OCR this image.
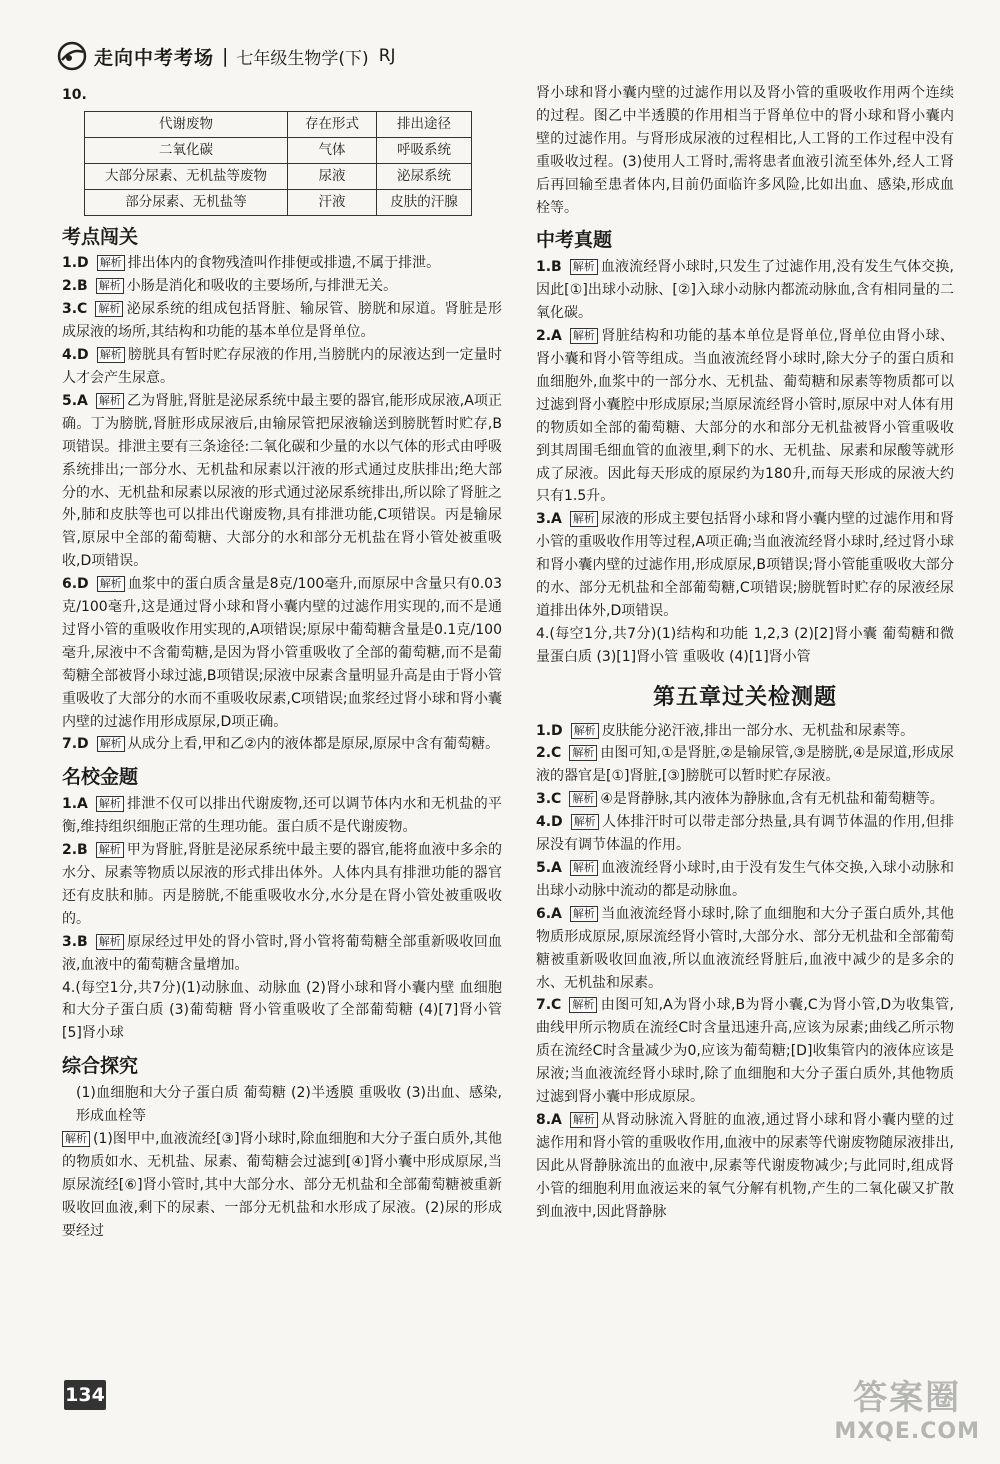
走向中考考场 | 七年级生物学(下) RJ
10.
代谢废物	存在形式	排出途径
二氧化碳	气体	呼吸系统
大部分尿素、无机盐等废物	尿液	泌尿系统
部分尿素、无机盐等	汗液	皮肤的汗腺
考点闯关

1.D 解析 排出体内的食物残渣叫作排便或排遗,不属于排泄。

2.B 解析 小肠是消化和吸收的主要场所,与排泄无关。

3.C 解析 泌尿系统的组成包括肾脏、输尿管、膀胱和尿道。肾脏是形成尿液的场所,其结构和功能的基本单位是肾单位。

4.D 解析 膀胱具有暂时贮存尿液的作用,当膀胱内的尿液达到一定量时人才会产生尿意。

5.A 解析 乙为肾脏,肾脏是泌尿系统中最主要的器官,能形成尿液,A项正确。丁为膀胱,肾脏形成尿液后,由输尿管把尿液输送到膀胱暂时贮存,B项错误。排泄主要有三条途径:二氧化碳和少量的水以气体的形式由呼吸系统排出;一部分水、无机盐和尿素以汗液的形式通过皮肤排出;绝大部分的水、无机盐和尿素以尿液的形式通过泌尿系统排出,所以除了肾脏之外,肺和皮肤等也可以排出代谢废物,具有排泄功能,C项错误。丙是输尿管,原尿中全部的葡萄糖、大部分的水和部分无机盐在肾小管处被重吸收,D项错误。

6.D 解析 血浆中的蛋白质含量是8克/100毫升,而原尿中含量只有0.03克/100毫升,这是通过肾小球和肾小囊内壁的过滤作用实现的,而不是通过肾小管的重吸收作用实现的,A项错误;原尿中葡萄糖含量是0.1克/100毫升,尿液中不含葡萄糖,是因为肾小管重吸收了全部的葡萄糖,而不是葡萄糖全部被肾小球过滤,B项错误;尿液中尿素含量明显升高是由于肾小管重吸收了大部分的水而不重吸收尿素,C项错误;血浆经过肾小球和肾小囊内壁的过滤作用形成原尿,D项正确。

7.D 解析 从成分上看,甲和乙②内的液体都是原尿,原尿中含有葡萄糖。

名校金题

1.A 解析 排泄不仅可以排出代谢废物,还可以调节体内水和无机盐的平衡,维持组织细胞正常的生理功能。蛋白质不是代谢废物。

2.B 解析 甲为肾脏,肾脏是泌尿系统中最主要的器官,能将血液中多余的水分、尿素等物质以尿液的形式排出体外。人体内具有排泄功能的器官还有皮肤和肺。丙是膀胱,不能重吸收水分,水分是在肾小管处被重吸收的。

3.B 解析 原尿经过甲处的肾小管时,肾小管将葡萄糖全部重新吸收回血液,血液中的葡萄糖含量增加。

4.(每空1分,共7分)(1)动脉血、动脉血 (2)肾小球和肾小囊内壁 血细胞和大分子蛋白质 (3)葡萄糖 肾小管重吸收了全部葡萄糖 (4)[7]肾小管 [5]肾小球

综合探究

(1)血细胞和大分子蛋白质 葡萄糖 (2)半透膜 重吸收 (3)出血、感染,形成血栓等

解析 (1)图甲中,血液流经[③]肾小球时,除血细胞和大分子蛋白质外,其他的物质如水、无机盐、尿素、葡萄糖会过滤到[④]肾小囊中形成原尿,当原尿流经[⑥]肾小管时,其中大部分水、部分无机盐和全部葡萄糖被重新吸收回血液,剩下的尿素、一部分无机盐和水形成了尿液。(2)尿的形成要经过

肾小球和肾小囊内壁的过滤作用以及肾小管的重吸收作用两个连续的过程。图乙中半透膜的作用相当于肾单位中的肾小球和肾小囊内壁的过滤作用。与肾形成尿液的过程相比,人工肾的工作过程中没有重吸收过程。(3)使用人工肾时,需将患者血液引流至体外,经人工肾后再回输至患者体内,目前仍面临许多风险,比如出血、感染,形成血栓等。

中考真题

1.B 解析 血液流经肾小球时,只发生了过滤作用,没有发生气体交换,因此[①]出球小动脉、[②]入球小动脉内都流动脉血,含有相同量的二氧化碳。

2.A 解析 肾脏结构和功能的基本单位是肾单位,肾单位由肾小球、肾小囊和肾小管等组成。当血液流经肾小球时,除大分子的蛋白质和血细胞外,血浆中的一部分水、无机盐、葡萄糖和尿素等物质都可以过滤到肾小囊腔中形成原尿;当原尿流经肾小管时,原尿中对人体有用的物质如全部的葡萄糖、大部分的水和部分无机盐被肾小管重吸收到其周围毛细血管的血液里,剩下的水、无机盐、尿素和尿酸等就形成了尿液。因此每天形成的原尿约为180升,而每天形成的尿液大约只有1.5升。

3.A 解析 尿液的形成主要包括肾小球和肾小囊内壁的过滤作用和肾小管的重吸收作用等过程,A项正确;当血液流经肾小球时,经过肾小球和肾小囊内壁的过滤作用,形成原尿,B项错误;肾小管能重吸收大部分的水、部分无机盐和全部葡萄糖,C项错误;膀胱暂时贮存的尿液经尿道排出体外,D项错误。

4.(每空1分,共7分)(1)结构和功能 1,2,3 (2)[2]肾小囊 葡萄糖和微量蛋白质 (3)[1]肾小管 重吸收 (4)[1]肾小管

第五章过关检测题

1.D 解析 皮肤能分泌汗液,排出一部分水、无机盐和尿素等。

2.C 解析 由图可知,①是肾脏,②是输尿管,③是膀胱,④是尿道,形成尿液的器官是[①]肾脏,[③]膀胱可以暂时贮存尿液。

3.C 解析 ④是肾静脉,其内液体为静脉血,含有无机盐和葡萄糖等。

4.D 解析 人体排汗时可以带走部分热量,具有调节体温的作用,但排尿没有调节体温的作用。

5.A 解析 血液流经肾小球时,由于没有发生气体交换,入球小动脉和出球小动脉中流动的都是动脉血。

6.A 解析 当血液流经肾小球时,除了血细胞和大分子蛋白质外,其他物质形成原尿,原尿流经肾小管时,大部分水、部分无机盐和全部葡萄糖被重新吸收回血液,所以血液流经肾脏后,血液中减少的是多余的水、无机盐和尿素。

7.C 解析 由图可知,A为肾小球,B为肾小囊,C为肾小管,D为收集管,曲线甲所示物质在流经C时含量迅速升高,应该为尿素;曲线乙所示物质在流经C时含量减少为0,应该为葡萄糖;[D]收集管内的液体应该是尿液;当血液流经肾小球时,除了血细胞和大分子蛋白质外,其他物质过滤到肾小囊中形成原尿。

8.A 解析 从肾动脉流入肾脏的血液,通过肾小球和肾小囊内壁的过滤作用和肾小管的重吸收作用,血液中的尿素等代谢废物随尿液排出,因此从肾静脉流出的血液中,尿素等代谢废物减少;与此同时,组成肾小管的细胞利用血液运来的氧气分解有机物,产生的二氧化碳又扩散到血液中,因此肾静脉

134	答案圈
MXQE.COM
